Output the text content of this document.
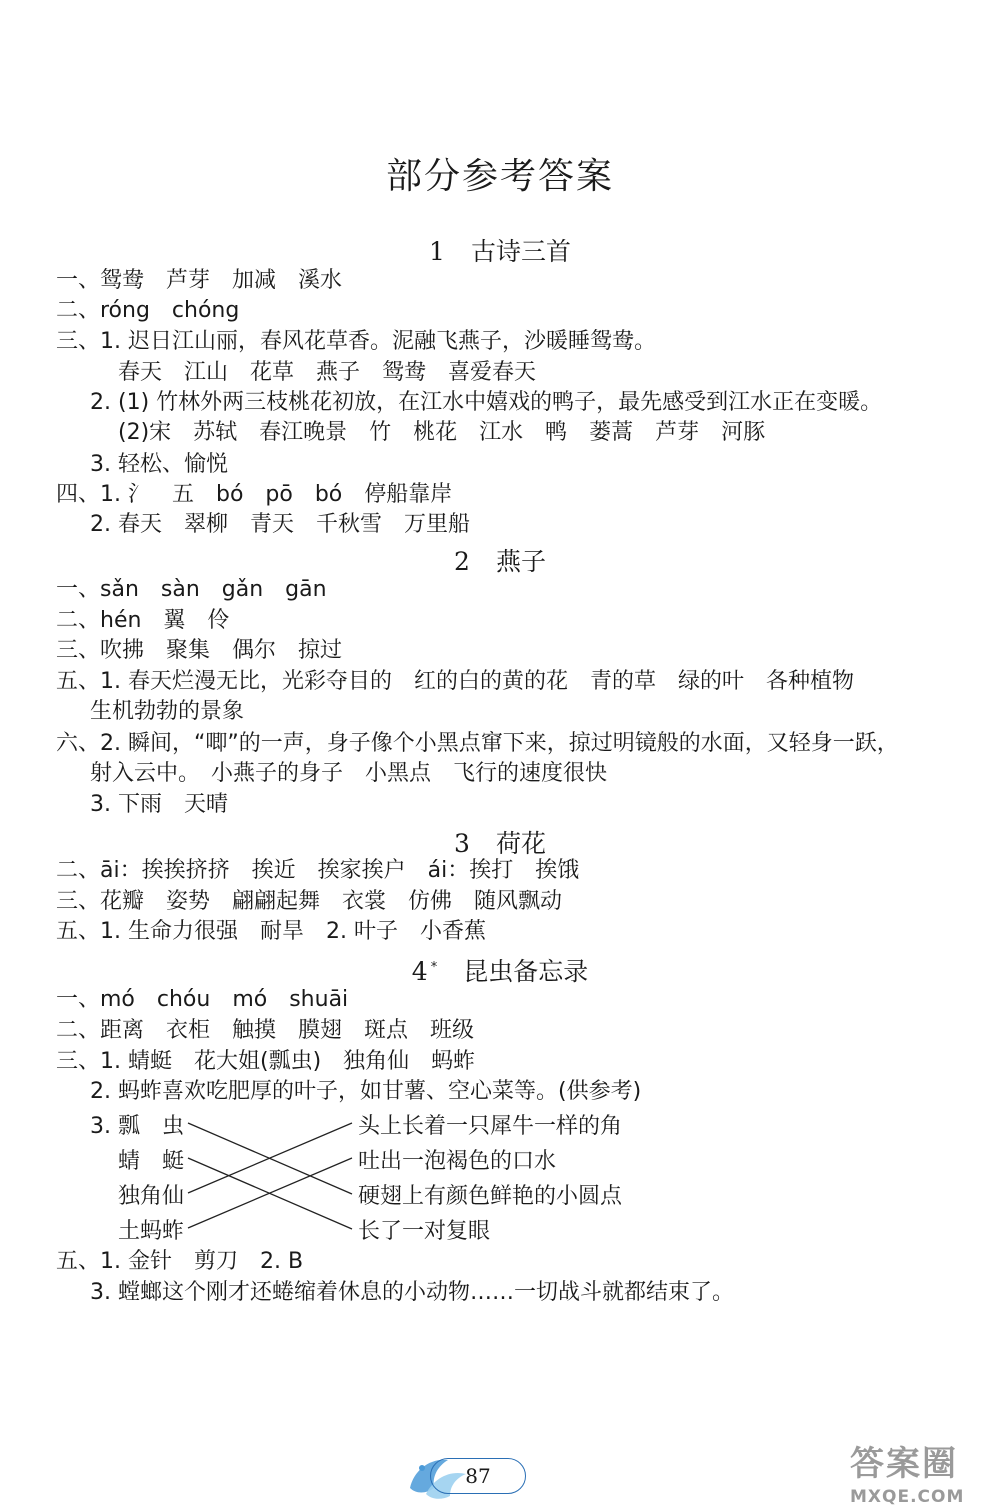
部分参考答案
1 古诗三首
一、鸳鸯　芦芽　加减　溪水
二、róng　chóng
三、1. 迟日江山丽，春风花草香。泥融飞燕子，沙暖睡鸳鸯。
春天　江山　花草　燕子　鸳鸯　喜爱春天
2. (1) 竹林外两三枝桃花初放，在江水中嬉戏的鸭子，最先感受到江水正在变暖。
(2)宋　苏轼　春江晚景　竹　桃花　江水　鸭　蒌蒿　芦芽　河豚
3. 轻松、愉悦
四、1. 氵　五　bó　pō　bó　停船靠岸
2. 春天　翠柳　青天　千秋雪　万里船
2 燕子
一、sǎn　sàn　gǎn　gān
二、hén　翼　伶
三、吹拂　聚集　偶尔　掠过
五、1. 春天烂漫无比，光彩夺目的　红的白的黄的花　青的草　绿的叶　各种植物
生机勃勃的景象
六、2. 瞬间，“唧”的一声，身子像个小黑点窜下来，掠过明镜般的水面，又轻身一跃，
射入云中。　小燕子的身子　小黑点　飞行的速度很快
3. 下雨　天晴
3 荷花
二、āi：挨挨挤挤　挨近　挨家挨户　ái：挨打　挨饿
三、花瓣　姿势　翩翩起舞　衣裳　仿佛　随风飘动
五、1. 生命力很强　耐旱　2. 叶子　小香蕉
4 * 昆虫备忘录
一、mó　chóu　mó　shuāi
二、距离　衣柜　触摸　膜翅　斑点　班级
三、1. 蜻蜓　花大姐(瓢虫)　独角仙　蚂蚱
2. 蚂蚱喜欢吃肥厚的叶子，如甘薯、空心菜等。(供参考)
3. 瓢　虫
蜻　蜓
独角仙
土蚂蚱
头上长着一只犀牛一样的角
吐出一泡褐色的口水
硬翅上有颜色鲜艳的小圆点
长了一对复眼
五、1. 金针　剪刀　2. B
3. 螳螂这个刚才还蜷缩着休息的小动物……一切战斗就都结束了。
87	答案圈
MXQE.COM
